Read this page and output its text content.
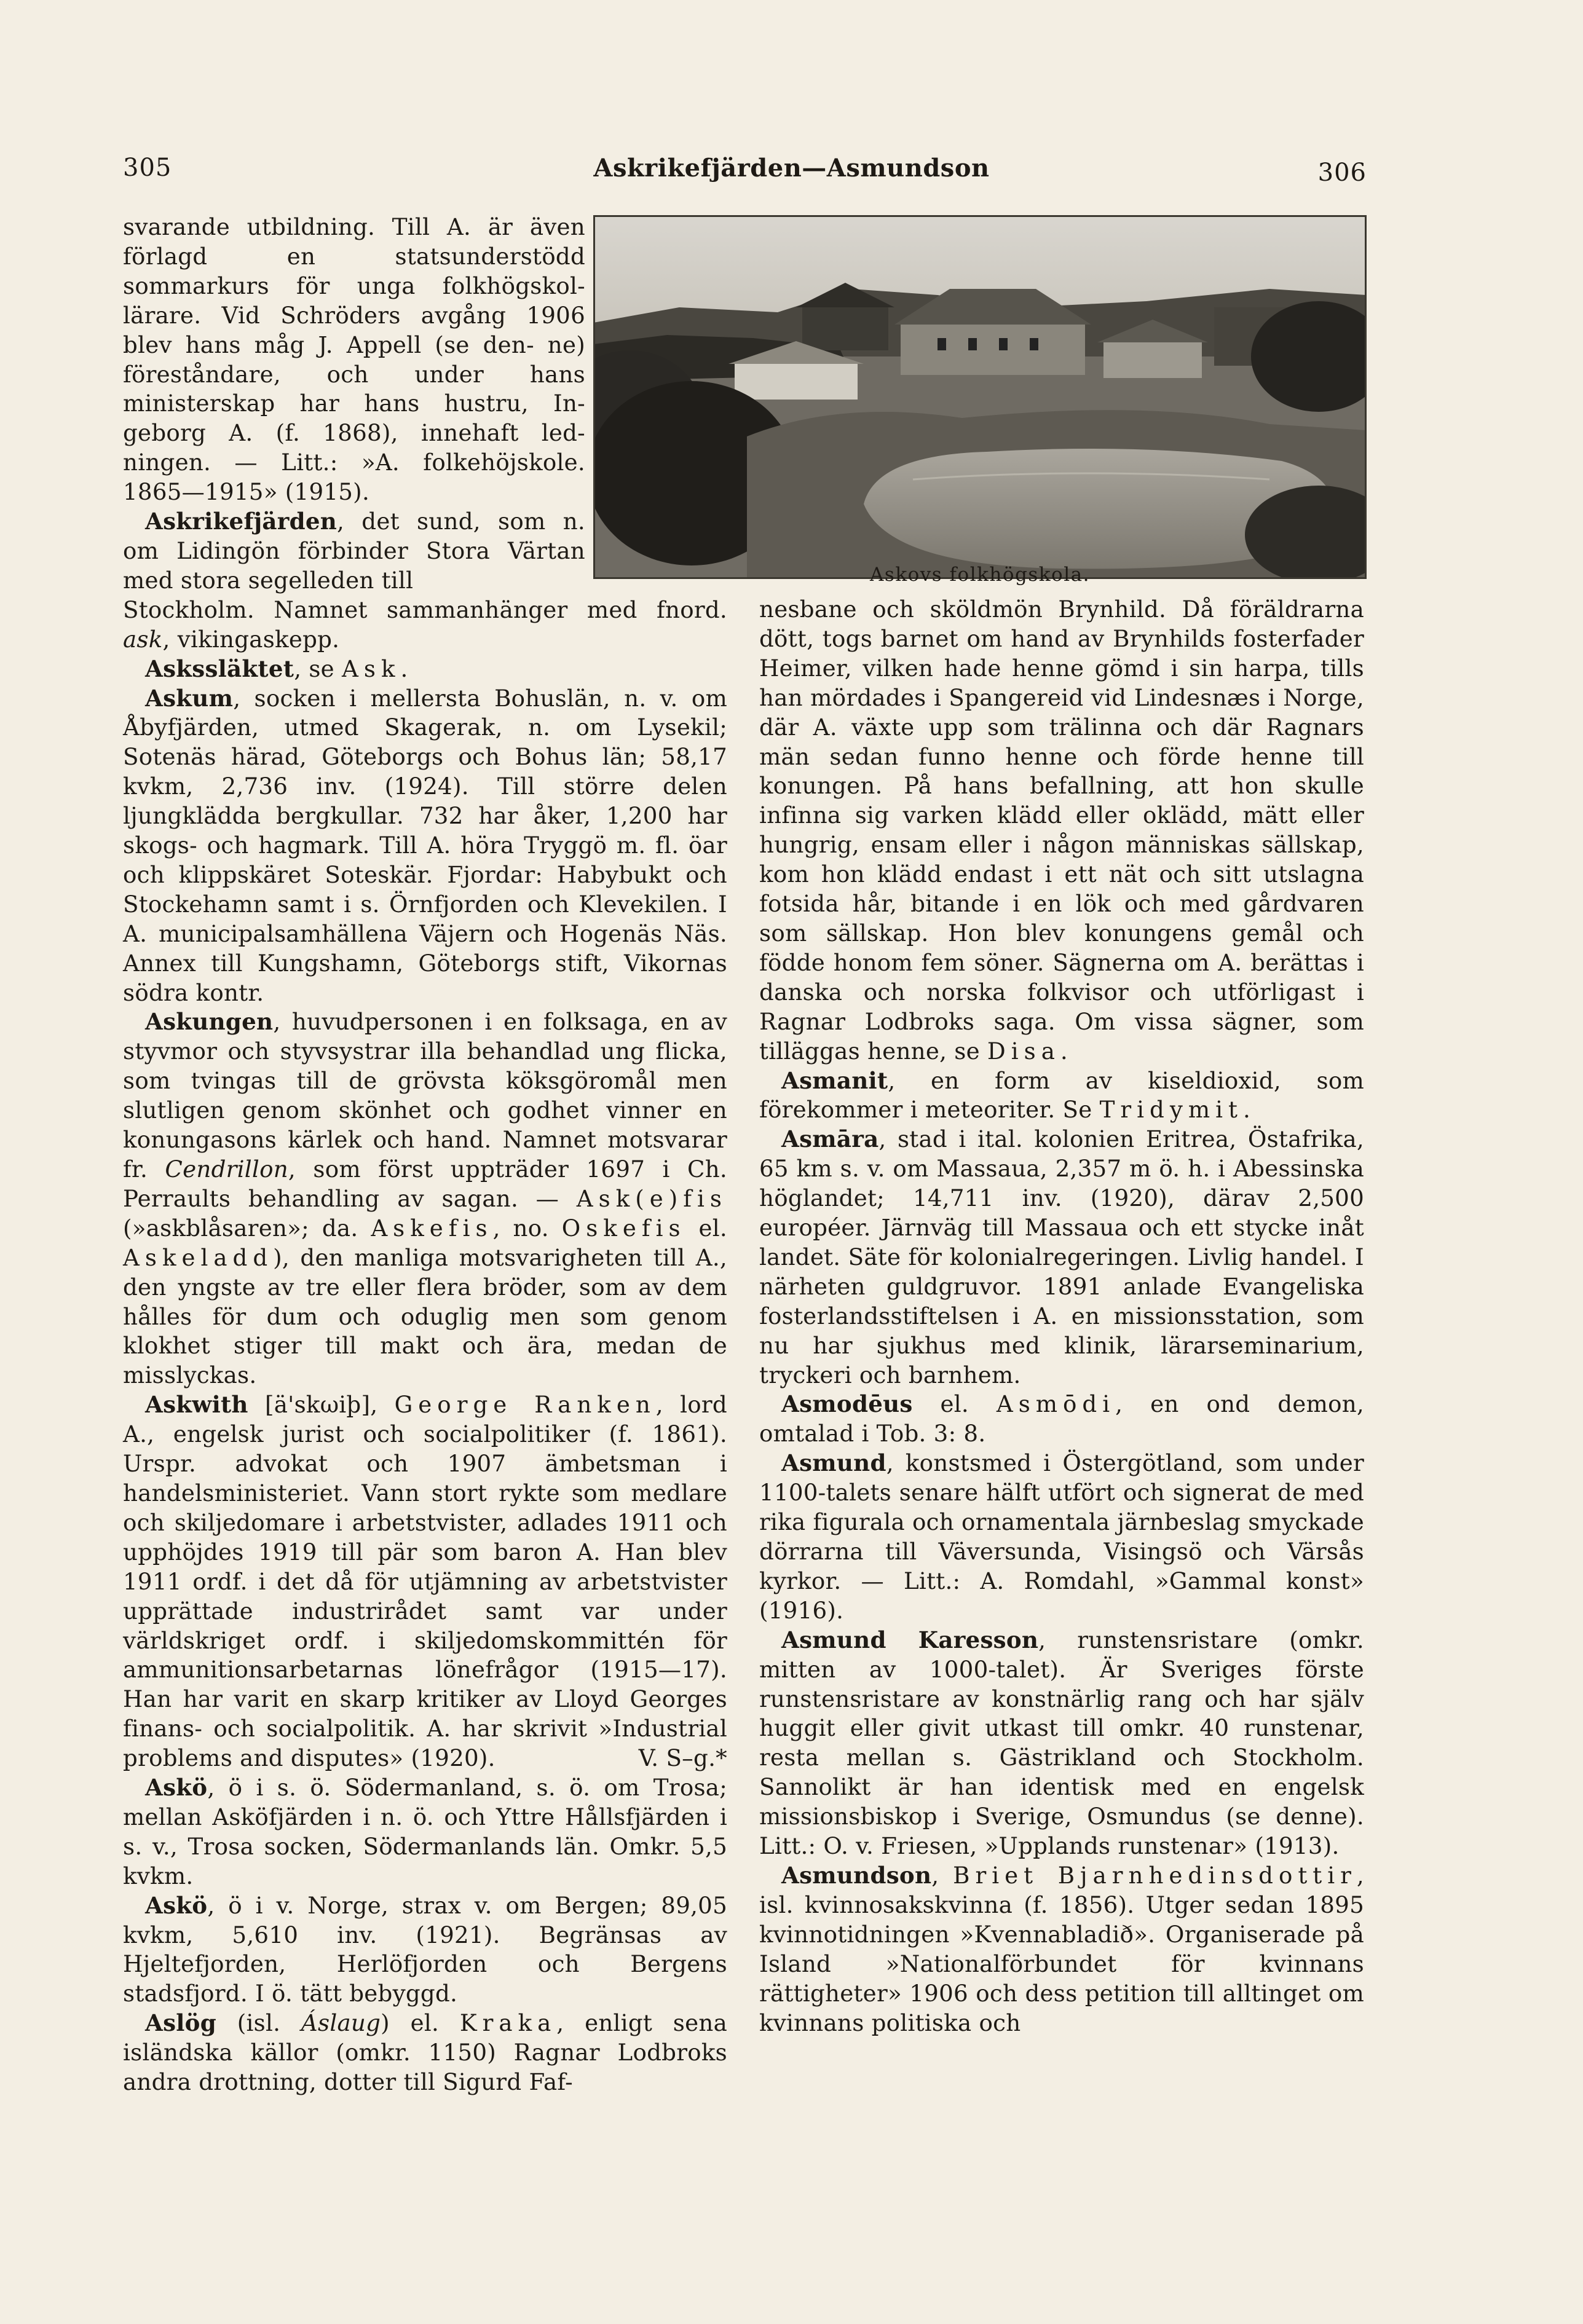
305	Askrikefjärden—Asmundson	306
Askovs folkhögskola.

svarande utbildning. Till A. är även förlagd en statsunderstödd sommarkurs för unga folkhögskol-lärare. Vid Schröders avgång 1906 blev hans måg J. Appell (se den- ne) föreståndare, och under hans ministerskap har hans hustru, In-geborg A. (f. 1868), innehaft led-ningen. — Litt.: »A. folkehöjskole. 1865—1915» (1915).

Askrikefjärden, det sund, som n. om Lidingön förbinder Stora Värtan med stora segelleden till

Stockholm. Namnet sammanhänger med fnord. ask, vikingaskepp.

Askssläktet, se Ask.

Askum, socken i mellersta Bohuslän, n. v. om Åbyfjärden, utmed Skagerak, n. om Lysekil; Sotenäs härad, Göteborgs och Bohus län; 58,17 kvkm, 2,736 inv. (1924). Till större delen ljungklädda bergkullar. 732 har åker, 1,200 har skogs- och hagmark. Till A. höra Tryggö m. fl. öar och klippskäret Soteskär. Fjordar: Habybukt och Stockehamn samt i s. Örnfjorden och Klevekilen. I A. municipalsamhällena Väjern och Hogenäs Näs. Annex till Kungshamn, Göteborgs stift, Vikornas södra kontr.

Askungen, huvudpersonen i en folksaga, en av styvmor och styvsystrar illa behandlad ung flicka, som tvingas till de grövsta köksgöromål men slutligen genom skönhet och godhet vinner en konungasons kärlek och hand. Namnet motsvarar fr. Cendrillon, som först uppträder 1697 i Ch. Perraults behandling av sagan. — Ask(e)fis (»askblåsaren»; da. Askefis, no. Oskefis el. Askeladd), den manliga motsvarigheten till A., den yngste av tre eller flera bröder, som av dem hålles för dum och oduglig men som genom klokhet stiger till makt och ära, medan de misslyckas.

Askwith [ä'skωiþ], George Ranken, lord A., engelsk jurist och socialpolitiker (f. 1861). Urspr. advokat och 1907 ämbetsman i handelsministeriet. Vann stort rykte som medlare och skiljedomare i arbetstvister, adlades 1911 och upphöjdes 1919 till pär som baron A. Han blev 1911 ordf. i det då för utjämning av arbetstvister upprättade industrirådet samt var under världskriget ordf. i skiljedomskommittén för ammunitionsarbetarnas lönefrågor (1915—17). Han har varit en skarp kritiker av Lloyd Georges finans- och socialpolitik. A. har skrivit »Industrial problems and disputes» (1920).	V. S–g.*

Askö, ö i s. ö. Södermanland, s. ö. om Trosa; mellan Asköfjärden i n. ö. och Yttre Hållsfjärden i s. v., Trosa socken, Södermanlands län. Omkr. 5,5 kvkm.

Askö, ö i v. Norge, strax v. om Bergen; 89,05 kvkm, 5,610 inv. (1921). Begränsas av Hjeltefjorden, Herlöfjorden och Bergens stadsfjord. I ö. tätt bebyggd.

Aslög (isl. Áslaug) el. Kraka, enligt sena isländska källor (omkr. 1150) Ragnar Lodbroks andra drottning, dotter till Sigurd Faf-

nesbane och sköldmön Brynhild. Då föräldrarna dött, togs barnet om hand av Brynhilds fosterfader Heimer, vilken hade henne gömd i sin harpa, tills han mördades i Spangereid vid Lindesnæs i Norge, där A. växte upp som trälinna och där Ragnars män sedan funno henne och förde henne till konungen. På hans befallning, att hon skulle infinna sig varken klädd eller oklädd, mätt eller hungrig, ensam eller i någon människas sällskap, kom hon klädd endast i ett nät och sitt utslagna fotsida hår, bitande i en lök och med gårdvaren som sällskap. Hon blev konungens gemål och födde honom fem söner. Sägnerna om A. berättas i danska och norska folkvisor och utförligast i Ragnar Lodbroks saga. Om vissa sägner, som tilläggas henne, se Disa.

Asmanit, en form av kiseldioxid, som förekommer i meteoriter. Se Tridymit.

Asmāra, stad i ital. kolonien Eritrea, Östafrika, 65 km s. v. om Massaua, 2,357 m ö. h. i Abessinska höglandet; 14,711 inv. (1920), därav 2,500 européer. Järnväg till Massaua och ett stycke inåt landet. Säte för kolonialregeringen. Livlig handel. I närheten guldgruvor. 1891 anlade Evangeliska fosterlandsstiftelsen i A. en missionsstation, som nu har sjukhus med klinik, lärarseminarium, tryckeri och barnhem.

Asmodēus el. Asmōdi, en ond demon, omtalad i Tob. 3: 8.

Asmund, konstsmed i Östergötland, som under 1100-talets senare hälft utfört och signerat de med rika figurala och ornamentala järnbeslag smyckade dörrarna till Väversunda, Visingsö och Värsås kyrkor. — Litt.: A. Romdahl, »Gammal konst» (1916).

Asmund Karesson, runstensristare (omkr. mitten av 1000-talet). Är Sveriges förste runstensristare av konstnärlig rang och har själv huggit eller givit utkast till omkr. 40 runstenar, resta mellan s. Gästrikland och Stockholm. Sannolikt är han identisk med en engelsk missionsbiskop i Sverige, Osmundus (se denne). Litt.: O. v. Friesen, »Upplands runstenar» (1913).

Asmundson, Briet Bjarnhedinsdottir, isl. kvinnosakskvinna (f. 1856). Utger sedan 1895 kvinnotidningen »Kvennabladið». Organiserade på Island »Nationalförbundet för kvinnans rättigheter» 1906 och dess petition till alltinget om kvinnans politiska och
